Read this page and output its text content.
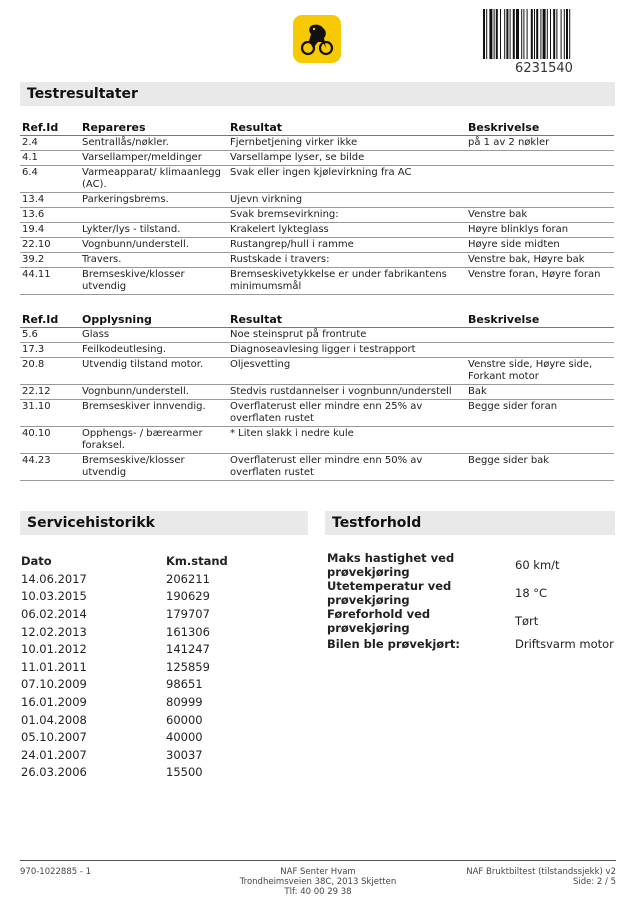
6231540
Testresultater
Ref.Id	Repareres	Resultat	Beskrivelse
2.4	Sentrallås/nøkler.	Fjernbetjening virker ikke	på 1 av 2 nøkler
4.1	Varsellamper/meldinger	Varsellampe lyser, se bilde	
6.4	Varmeapparat/ klimaanlegg (AC).	Svak eller ingen kjølevirkning fra AC	
13.4	Parkeringsbrems.	Ujevn virkning	
13.6		Svak bremsevirkning:	Venstre bak
19.4	Lykter/lys - tilstand.	Krakelert lykteglass	Høyre blinklys foran
22.10	Vognbunn/understell.	Rustangrep/hull i ramme	Høyre side midten
39.2	Travers.	Rustskade i travers:	Venstre bak, Høyre bak
44.11	Bremseskive/klosser utvendig	Bremseskivetykkelse er under fabrikantens minimumsmål	Venstre foran, Høyre foran
Ref.Id	Opplysning	Resultat	Beskrivelse
5.6	Glass	Noe steinsprut på frontrute	
17.3	Feilkodeutlesing.	Diagnoseavlesing ligger i testrapport	
20.8	Utvendig tilstand motor.	Oljesvetting	Venstre side, Høyre side, Forkant motor
22.12	Vognbunn/understell.	Stedvis rustdannelser i vognbunn/understell	Bak
31.10	Bremseskiver innvendig.	Overflaterust eller mindre enn 25% av overflaten rustet	Begge sider foran
40.10	Opphengs- / bærearmer foraksel.	* Liten slakk i nedre kule	
44.23	Bremseskive/klosser utvendig	Overflaterust eller mindre enn 50% av overflaten rustet	Begge sider bak
Servicehistorikk
Dato	Km.stand
14.06.2017	206211
10.03.2015	190629
06.02.2014	179707
12.02.2013	161306
10.01.2012	141247
11.01.2011	125859
07.10.2009	98651
16.01.2009	80999
01.04.2008	60000
05.10.2007	40000
24.01.2007	30037
26.03.2006	15500
Testforhold
Maks hastighet ved prøvekjøring	60 km/t
Utetemperatur ved prøvekjøring	18 °C
Føreforhold ved prøvekjøring	Tørt
Bilen ble prøvekjørt:	Driftsvarm motor
970-1022885 - 1	NAF Senter Hvam
Trondheimsveien 38C, 2013 Skjetten
Tlf: 40 00 29 38
NAF Bruktbiltest (tilstandssjekk) v2
Side: 2 / 5
